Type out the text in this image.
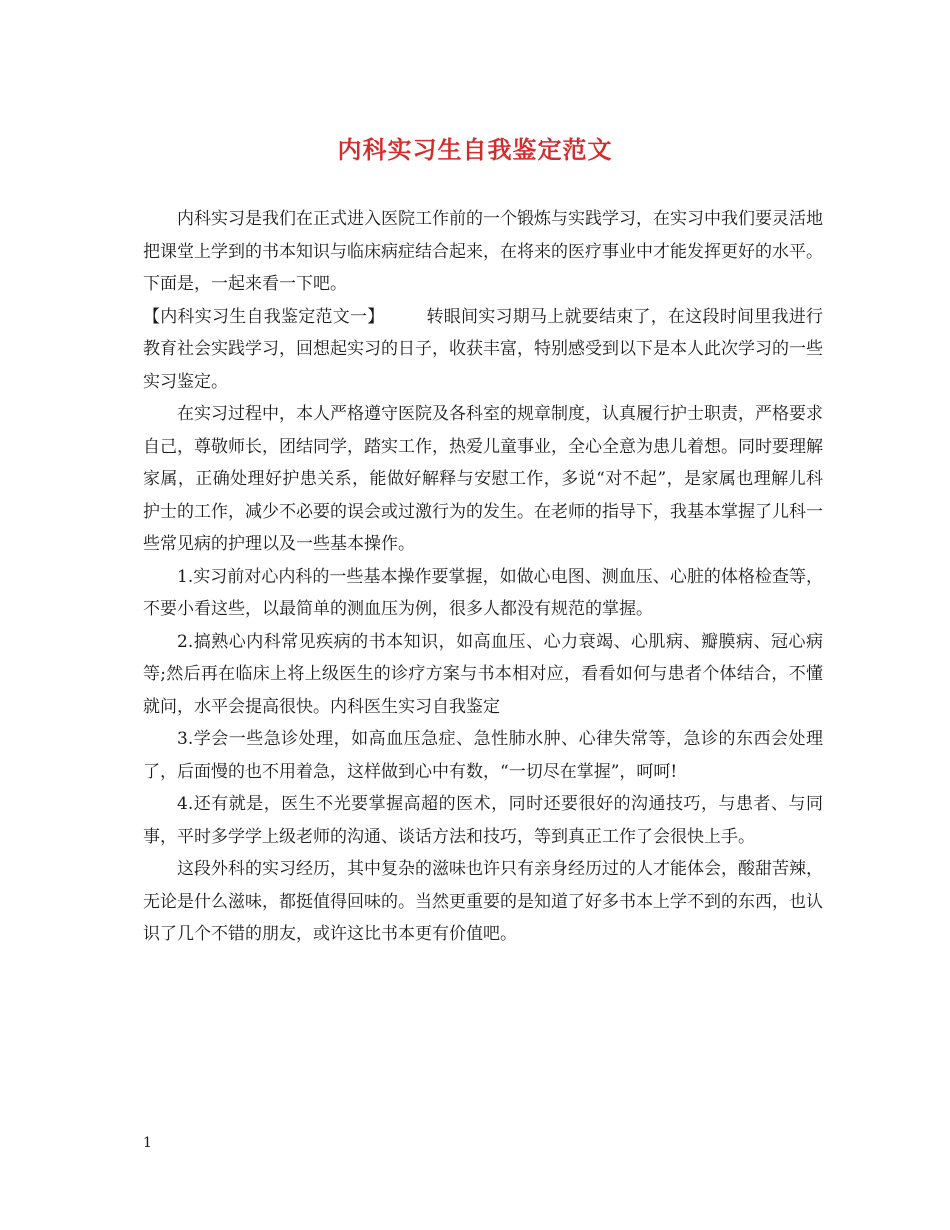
内科实习生自我鉴定范文

内科实习是我们在正式进入医院工作前的一个锻炼与实践学习，在实习中我们要灵活地把课堂上学到的书本知识与临床病症结合起来，在将来的医疗事业中才能发挥更好的水平。下面是，一起来看一下吧。

【内科实习生自我鉴定范文一】 转眼间实习期马上就要结束了，在这段时间里我进行教育社会实践学习，回想起实习的日子，收获丰富，特别感受到以下是本人此次学习的一些实习鉴定。

在实习过程中，本人严格遵守医院及各科室的规章制度，认真履行护士职责，严格要求自己，尊敬师长，团结同学，踏实工作，热爱儿童事业，全心全意为患儿着想。同时要理解家属，正确处理好护患关系，能做好解释与安慰工作，多说“对不起”，是家属也理解儿科护士的工作，减少不必要的误会或过激行为的发生。在老师的指导下，我基本掌握了儿科一些常见病的护理以及一些基本操作。

1.实习前对心内科的一些基本操作要掌握，如做心电图、测血压、心脏的体格检查等，不要小看这些，以最简单的测血压为例，很多人都没有规范的掌握。

2.搞熟心内科常见疾病的书本知识，如高血压、心力衰竭、心肌病、瓣膜病、冠心病等;然后再在临床上将上级医生的诊疗方案与书本相对应，看看如何与患者个体结合，不懂就问，水平会提高很快。内科医生实习自我鉴定

3.学会一些急诊处理，如高血压急症、急性肺水肿、心律失常等，急诊的东西会处理了，后面慢的也不用着急，这样做到心中有数，“一切尽在掌握”，呵呵!

4.还有就是，医生不光要掌握高超的医术，同时还要很好的沟通技巧，与患者、与同事，平时多学学上级老师的沟通、谈话方法和技巧，等到真正工作了会很快上手。

这段外科的实习经历，其中复杂的滋味也许只有亲身经历过的人才能体会，酸甜苦辣，无论是什么滋味，都挺值得回味的。当然更重要的是知道了好多书本上学不到的东西，也认识了几个不错的朋友，或许这比书本更有价值吧。

1
